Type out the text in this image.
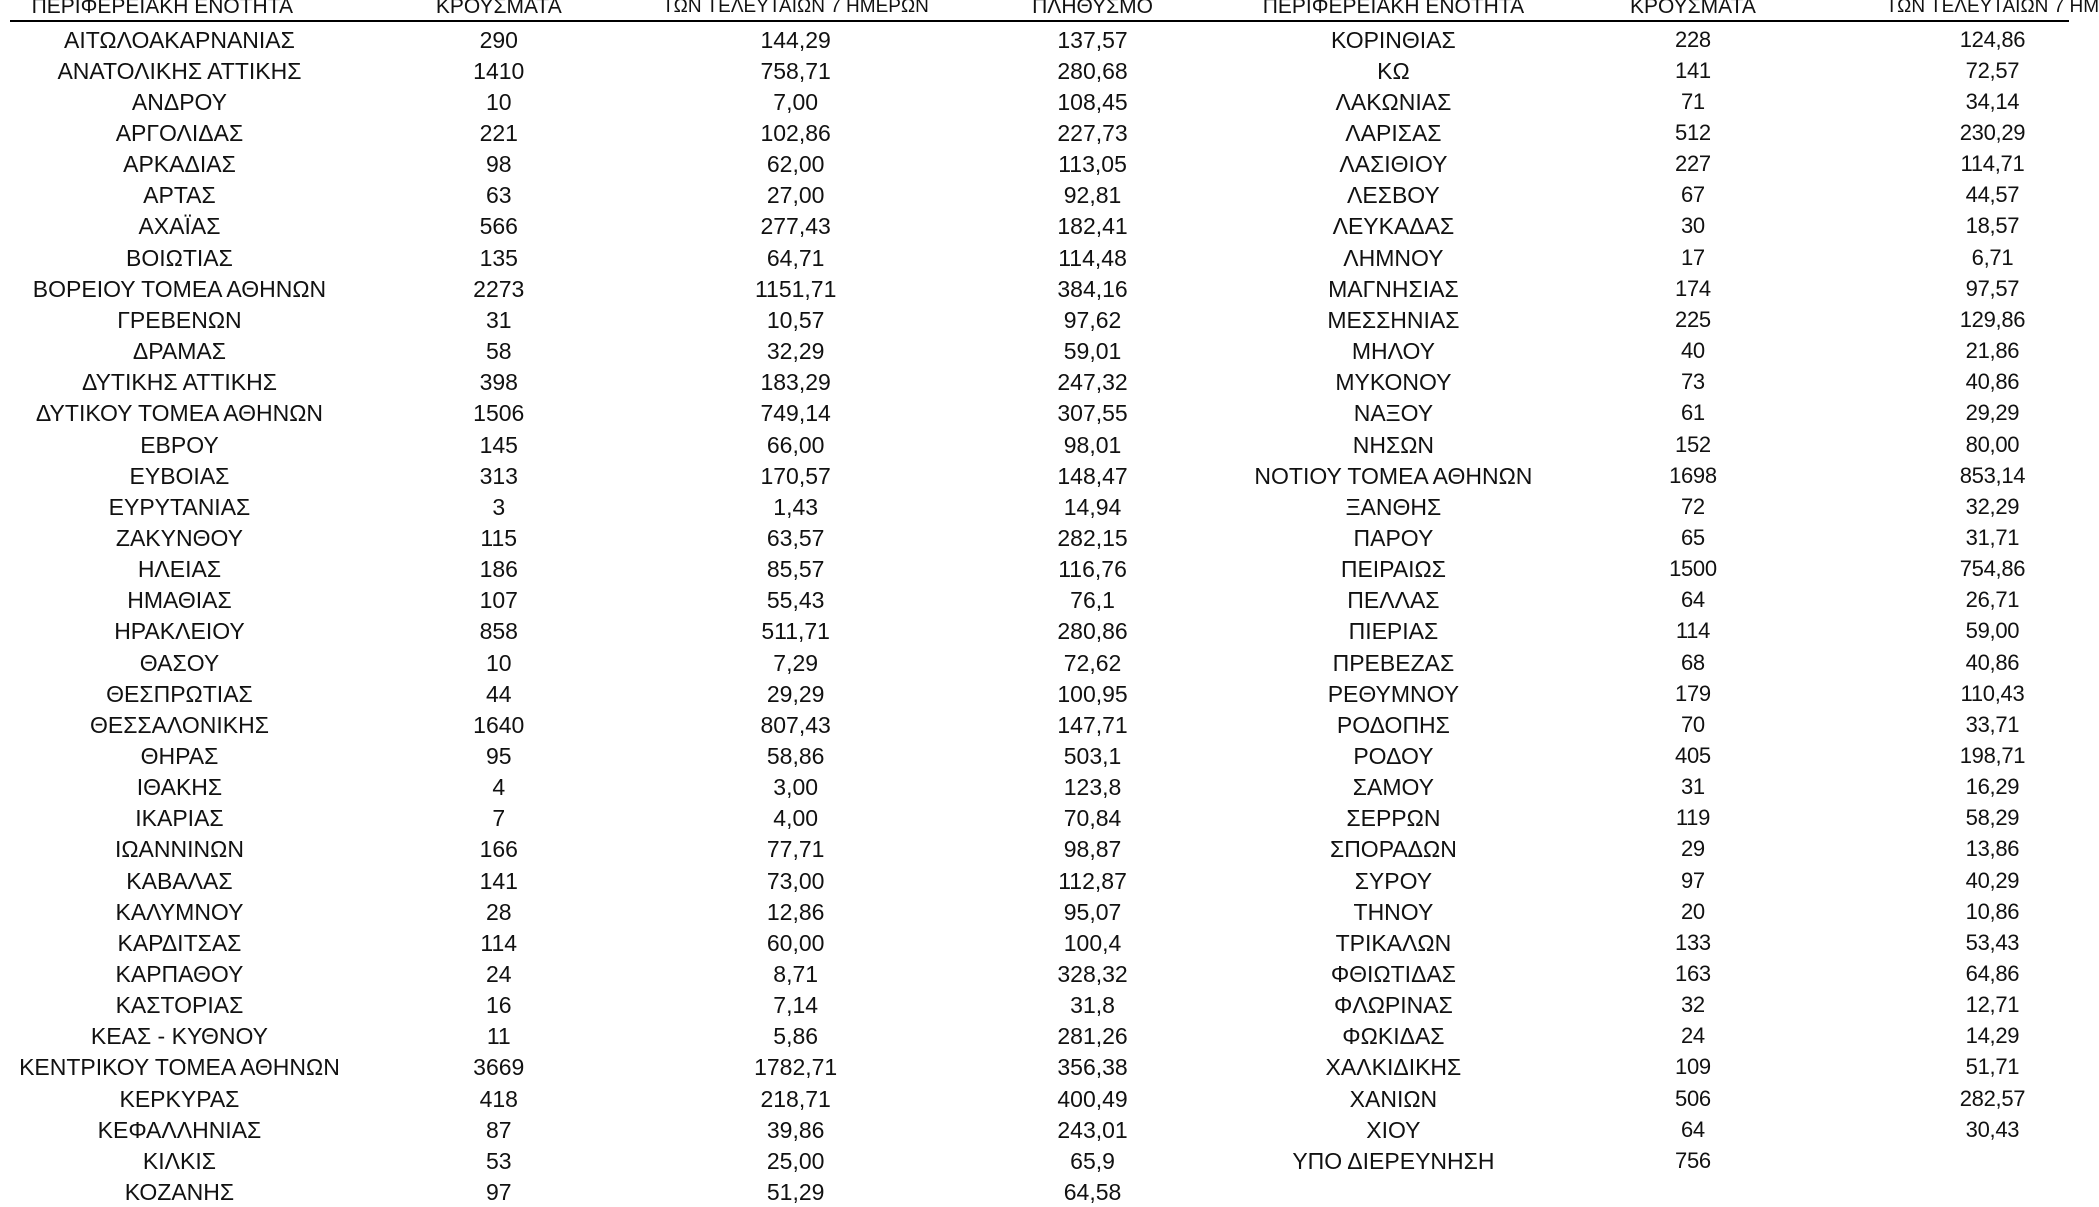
ΠΕΡΙΦΕΡΕΙΑΚΗ ΕΝΟΤΗΤΑ	ΚΡΟΥΣΜΑΤΑ	ΤΩΝ ΤΕΛΕΥΤΑΙΩΝ 7 ΗΜΕΡΩΝ	ΠΛΗΘΥΣΜΟ	ΠΕΡΙΦΕΡΕΙΑΚΗ ΕΝΟΤΗΤΑ	ΚΡΟΥΣΜΑΤΑ	ΤΩΝ ΤΕΛΕΥΤΑΙΩΝ 7 ΗΜ
ΑΙΤΩΛΟΑΚΑΡΝΑΝΙΑΣ	290	144,29	137,57
ΑΝΑΤΟΛΙΚΗΣ ΑΤΤΙΚΗΣ	1410	758,71	280,68
ΑΝΔΡΟΥ	10	7,00	108,45
ΑΡΓΟΛΙΔΑΣ	221	102,86	227,73
ΑΡΚΑΔΙΑΣ	98	62,00	113,05
ΑΡΤΑΣ	63	27,00	92,81
ΑΧΑΪΑΣ	566	277,43	182,41
ΒΟΙΩΤΙΑΣ	135	64,71	114,48
ΒΟΡΕΙΟΥ ΤΟΜΕΑ ΑΘΗΝΩΝ	2273	1151,71	384,16
ΓΡΕΒΕΝΩΝ	31	10,57	97,62
ΔΡΑΜΑΣ	58	32,29	59,01
ΔΥΤΙΚΗΣ ΑΤΤΙΚΗΣ	398	183,29	247,32
ΔΥΤΙΚΟΥ ΤΟΜΕΑ ΑΘΗΝΩΝ	1506	749,14	307,55
ΕΒΡΟΥ	145	66,00	98,01
ΕΥΒΟΙΑΣ	313	170,57	148,47
ΕΥΡΥΤΑΝΙΑΣ	3	1,43	14,94
ΖΑΚΥΝΘΟΥ	115	63,57	282,15
ΗΛΕΙΑΣ	186	85,57	116,76
ΗΜΑΘΙΑΣ	107	55,43	76,1
ΗΡΑΚΛΕΙΟΥ	858	511,71	280,86
ΘΑΣΟΥ	10	7,29	72,62
ΘΕΣΠΡΩΤΙΑΣ	44	29,29	100,95
ΘΕΣΣΑΛΟΝΙΚΗΣ	1640	807,43	147,71
ΘΗΡΑΣ	95	58,86	503,1
ΙΘΑΚΗΣ	4	3,00	123,8
ΙΚΑΡΙΑΣ	7	4,00	70,84
ΙΩΑΝΝΙΝΩΝ	166	77,71	98,87
ΚΑΒΑΛΑΣ	141	73,00	112,87
ΚΑΛΥΜΝΟΥ	28	12,86	95,07
ΚΑΡΔΙΤΣΑΣ	114	60,00	100,4
ΚΑΡΠΑΘΟΥ	24	8,71	328,32
ΚΑΣΤΟΡΙΑΣ	16	7,14	31,8
ΚΕΑΣ - ΚΥΘΝΟΥ	11	5,86	281,26
ΚΕΝΤΡΙΚΟΥ ΤΟΜΕΑ ΑΘΗΝΩΝ	3669	1782,71	356,38
ΚΕΡΚΥΡΑΣ	418	218,71	400,49
ΚΕΦΑΛΛΗΝΙΑΣ	87	39,86	243,01
ΚΙΛΚΙΣ	53	25,00	65,9
ΚΟΖΑΝΗΣ	97	51,29	64,58
ΚΟΡΙΝΘΙΑΣ	228	124,86
ΚΩ	141	72,57
ΛΑΚΩΝΙΑΣ	71	34,14
ΛΑΡΙΣΑΣ	512	230,29
ΛΑΣΙΘΙΟΥ	227	114,71
ΛΕΣΒΟΥ	67	44,57
ΛΕΥΚΑΔΑΣ	30	18,57
ΛΗΜΝΟΥ	17	6,71
ΜΑΓΝΗΣΙΑΣ	174	97,57
ΜΕΣΣΗΝΙΑΣ	225	129,86
ΜΗΛΟΥ	40	21,86
ΜΥΚΟΝΟΥ	73	40,86
ΝΑΞΟΥ	61	29,29
ΝΗΣΩΝ	152	80,00
ΝΟΤΙΟΥ ΤΟΜΕΑ ΑΘΗΝΩΝ	1698	853,14
ΞΑΝΘΗΣ	72	32,29
ΠΑΡΟΥ	65	31,71
ΠΕΙΡΑΙΩΣ	1500	754,86
ΠΕΛΛΑΣ	64	26,71
ΠΙΕΡΙΑΣ	114	59,00
ΠΡΕΒΕΖΑΣ	68	40,86
ΡΕΘΥΜΝΟΥ	179	110,43
ΡΟΔΟΠΗΣ	70	33,71
ΡΟΔΟΥ	405	198,71
ΣΑΜΟΥ	31	16,29
ΣΕΡΡΩΝ	119	58,29
ΣΠΟΡΑΔΩΝ	29	13,86
ΣΥΡΟΥ	97	40,29
ΤΗΝΟΥ	20	10,86
ΤΡΙΚΑΛΩΝ	133	53,43
ΦΘΙΩΤΙΔΑΣ	163	64,86
ΦΛΩΡΙΝΑΣ	32	12,71
ΦΩΚΙΔΑΣ	24	14,29
ΧΑΛΚΙΔΙΚΗΣ	109	51,71
ΧΑΝΙΩΝ	506	282,57
ΧΙΟΥ	64	30,43
ΥΠΟ ΔΙΕΡΕΥΝΗΣΗ	756
